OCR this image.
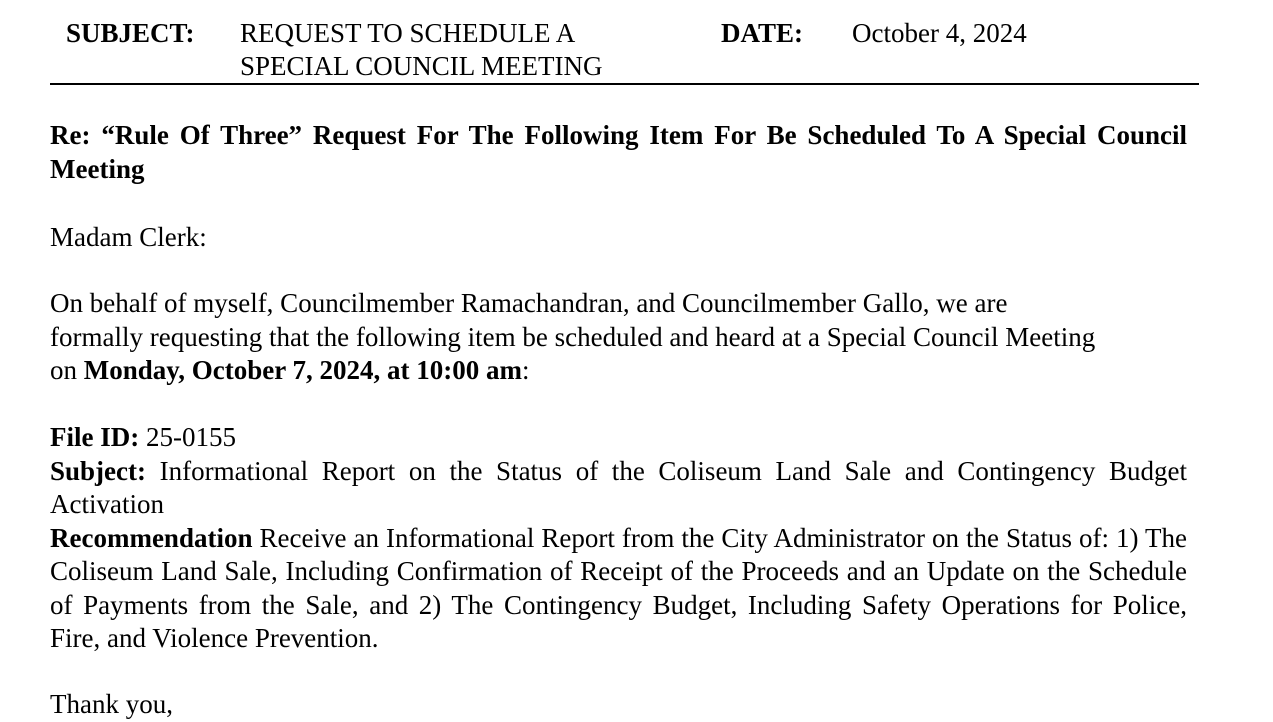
SUBJECT: REQUEST TO SCHEDULE A
SPECIAL COUNCIL MEETING
DATE: October 4, 2024
Re: “Rule Of Three” Request For The Following Item For Be Scheduled To A Special Council Meeting
Madam Clerk:
On behalf of myself, Councilmember Ramachandran, and Councilmember Gallo, we are
formally requesting that the following item be scheduled and heard at a Special Council Meeting
on Monday, October 7, 2024, at 10:00 am:
File ID: 25-0155
Subject: Informational Report on the Status of the Coliseum Land Sale and Contingency Budget Activation
Recommendation Receive an Informational Report from the City Administrator on the Status of: 1) The Coliseum Land Sale, Including Confirmation of Receipt of the Proceeds and an Update on the Schedule of Payments from the Sale, and 2) The Contingency Budget, Including Safety Operations for Police, Fire, and Violence Prevention.
Thank you,
